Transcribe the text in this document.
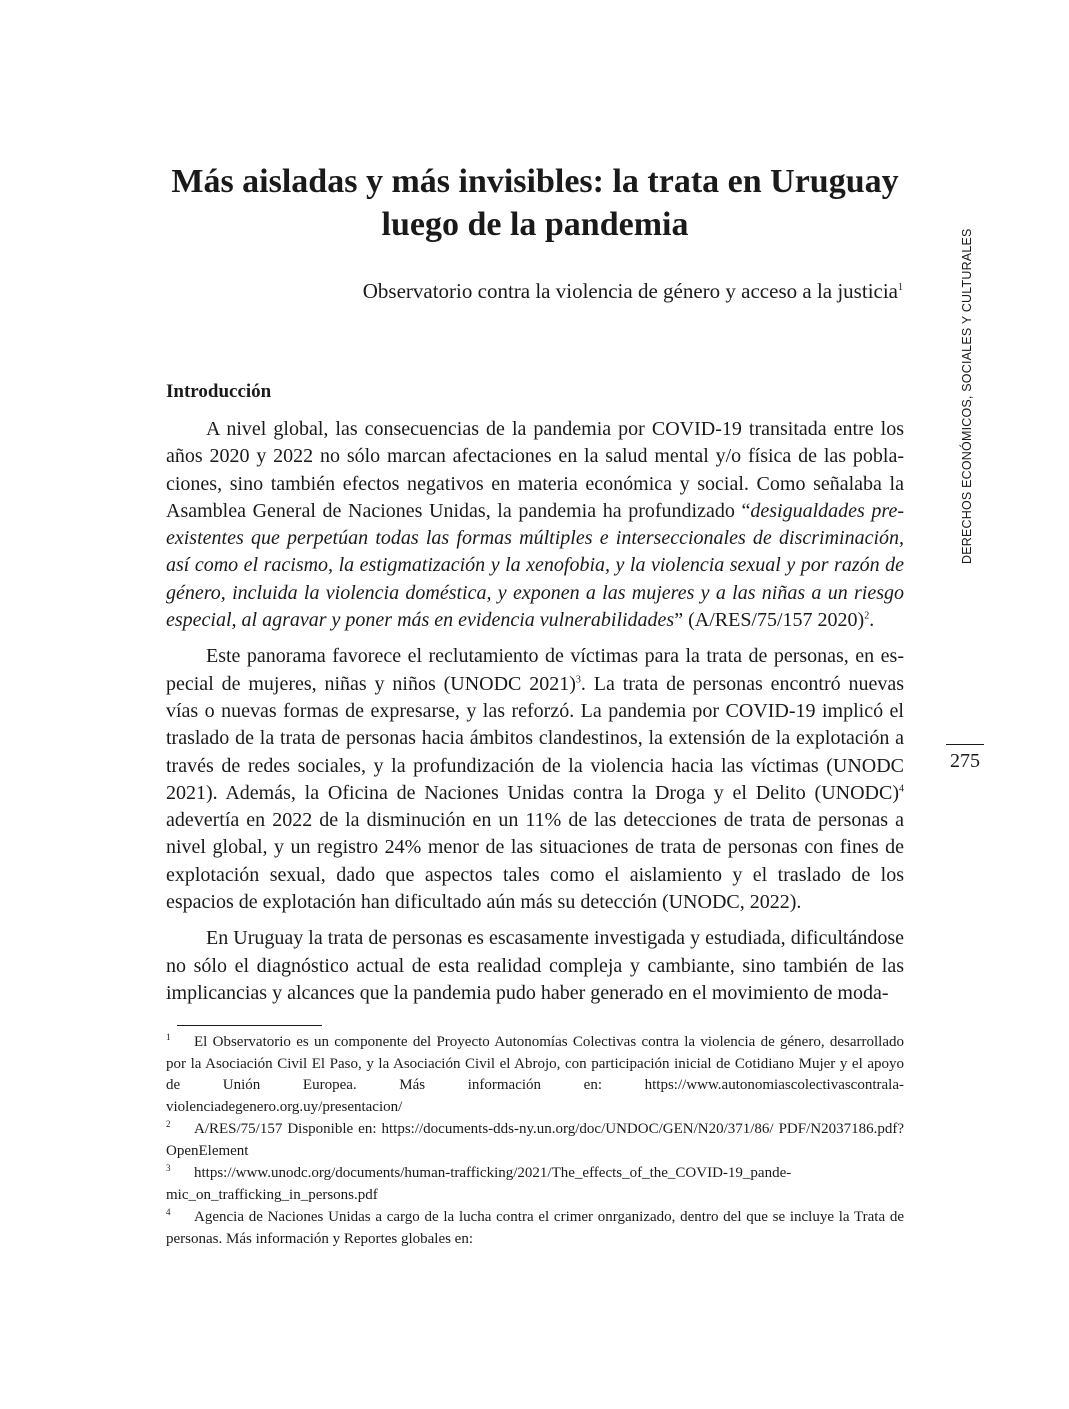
Más aisladas y más invisibles: la trata en Uruguay
luego de la pandemia
Observatorio contra la violencia de género y acceso a la justicia$^1$	DERECHOS ECONÓMICOS, SOCIALES Y CULTURALES
275
Introducción

A nivel global, las consecuencias de la pandemia por COVID-19 transitada entre los años 2020 y 2022 no sólo marcan afectaciones en la salud mental y/o física de las poblaciones, sino también efectos negativos en materia económica y social. Como señalaba la Asamblea General de Naciones Unidas, la pandemia ha profundizado “desigualdades preexistentes que perpetúan todas las formas múltiples e interseccionales de discriminación, así como el racismo, la estigmatización y la xenofobia, y la violencia sexual y por razón de género, incluida la violencia doméstica, y exponen a las mujeres y a las niñas a un riesgo especial, al agravar y poner más en evidencia vulnerabilidades” (A/RES/75/157 2020)$^2$.

Este panorama favorece el reclutamiento de víctimas para la trata de personas, en especial de mujeres, niñas y niños (UNODC 2021)$^3$. La trata de personas encontró nuevas vías o nuevas formas de expresarse, y las reforzó. La pandemia por COVID-19 implicó el traslado de la trata de personas hacia ámbitos clandestinos, la extensión de la explotación a través de redes sociales, y la profundización de la violencia hacia las víctimas (UNODC 2021). Además, la Oficina de Naciones Unidas contra la Droga y el Delito (UNODC)$^4$ adevertía en 2022 de la disminución en un 11% de las detecciones de trata de personas a nivel global, y un registro 24% menor de las situaciones de trata de personas con fines de explotación sexual, dado que aspectos tales como el aislamiento y el traslado de los espacios de explotación han dificultado aún más su detección (UNODC, 2022).

En Uruguay la trata de personas es escasamente investigada y estudiada, dificultándose no sólo el diagnóstico actual de esta realidad compleja y cambiante, sino también de las implicancias y alcances que la pandemia pudo haber generado en el movimiento de moda-

1 El Observatorio es un componente del Proyecto Autonomías Colectivas contra la violencia de género, desarrollado por la Asociación Civil El Paso, y la Asociación Civil el Abrojo, con participación inicial de Cotidiano Mujer y el apoyo de Unión Europea. Más información en: https://www.autonomiascolectivascontrala-violenciadegenero.org.uy/presentacion/
2 A/RES/75/157 Disponible en: https://documents-dds-ny.un.org/doc/UNDOC/GEN/N20/371/86/ PDF/N2037186.pdf?OpenElement
3 https://www.unodc.org/documents/human-trafficking/2021/The_effects_of_the_COVID-19_pande-mic_on_trafficking_in_persons.pdf
4 Agencia de Naciones Unidas a cargo de la lucha contra el crimer onrganizado, dentro del que se incluye la Trata de personas. Más información y Reportes globales en:
